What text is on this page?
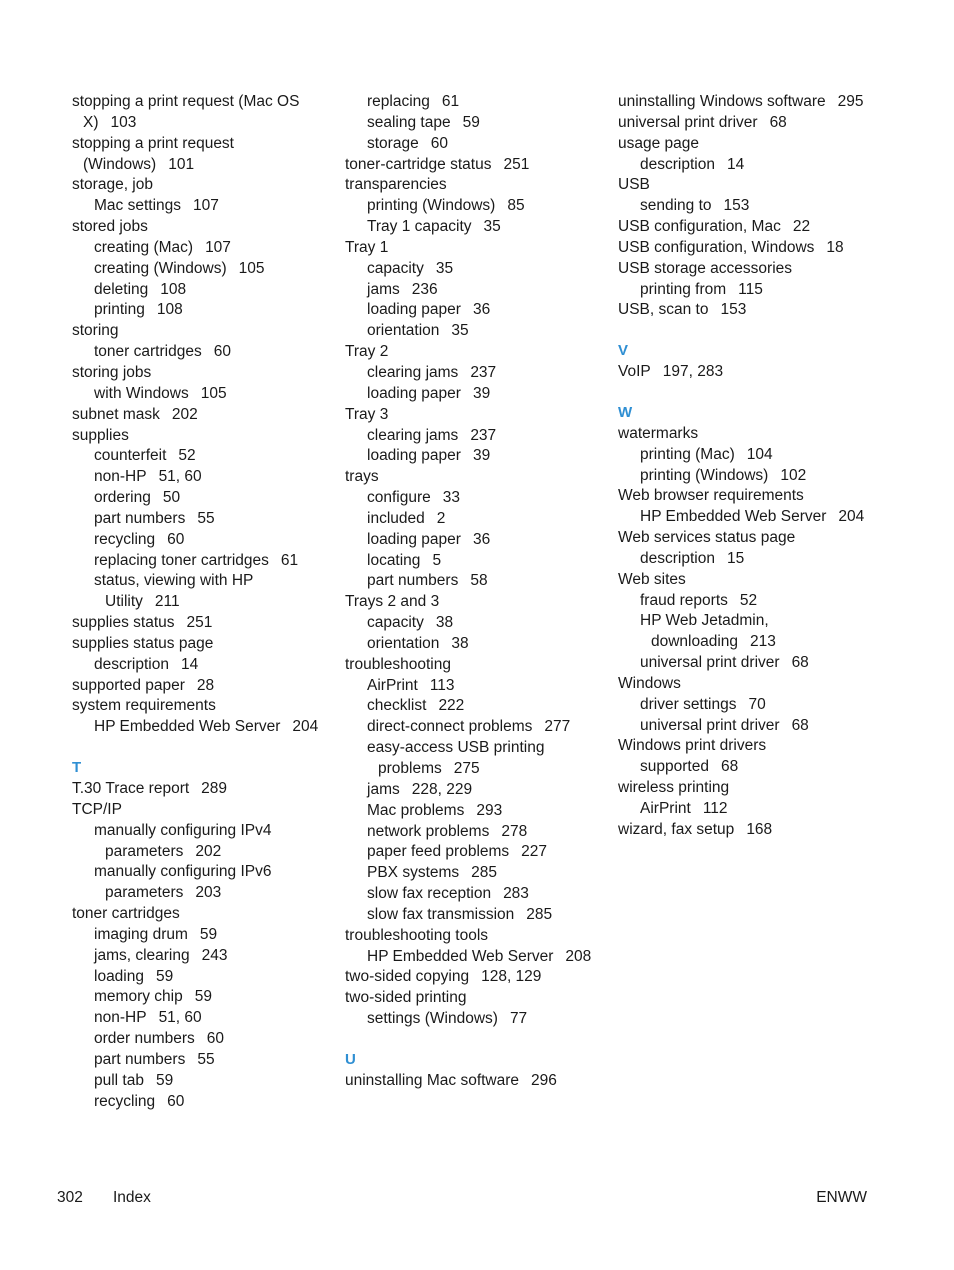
stopping a print request (Mac OS X) 103
stopping a print request (Windows) 101
storage, job
Mac settings 107
stored jobs
creating (Mac) 107
creating (Windows) 105
deleting 108
printing 108
storing
toner cartridges 60
storing jobs
with Windows 105
subnet mask 202
supplies
counterfeit 52
non-HP 51, 60
ordering 50
part numbers 55
recycling 60
replacing toner cartridges 61
status, viewing with HP Utility 211
supplies status 251
supplies status page
description 14
supported paper 28
system requirements
HP Embedded Web Server 204
T
T.30 Trace report 289
TCP/IP
manually configuring IPv4 parameters 202
manually configuring IPv6 parameters 203
toner cartridges
imaging drum 59
jams, clearing 243
loading 59
memory chip 59
non-HP 51, 60
order numbers 60
part numbers 55
pull tab 59
recycling 60
replacing 61
sealing tape 59
storage 60
toner-cartridge status 251
transparencies
printing (Windows) 85
Tray 1 capacity 35
Tray 1
capacity 35
jams 236
loading paper 36
orientation 35
Tray 2
clearing jams 237
loading paper 39
Tray 3
clearing jams 237
loading paper 39
trays
configure 33
included 2
loading paper 36
locating 5
part numbers 58
Trays 2 and 3
capacity 38
orientation 38
troubleshooting
AirPrint 113
checklist 222
direct-connect problems 277
easy-access USB printing problems 275
jams 228, 229
Mac problems 293
network problems 278
paper feed problems 227
PBX systems 285
slow fax reception 283
slow fax transmission 285
troubleshooting tools
HP Embedded Web Server 208
two-sided copying 128, 129
two-sided printing
settings (Windows) 77
U
uninstalling Mac software 296
uninstalling Windows software 295
universal print driver 68
usage page
description 14
USB
sending to 153
USB configuration, Mac 22
USB configuration, Windows 18
USB storage accessories
printing from 115
USB, scan to 153
V
VoIP 197, 283
W
watermarks
printing (Mac) 104
printing (Windows) 102
Web browser requirements
HP Embedded Web Server 204
Web services status page
description 15
Web sites
fraud reports 52
HP Web Jetadmin, downloading 213
universal print driver 68
Windows
driver settings 70
universal print driver 68
Windows print drivers
supported 68
wireless printing
AirPrint 112
wizard, fax setup 168
302 Index	ENWW
